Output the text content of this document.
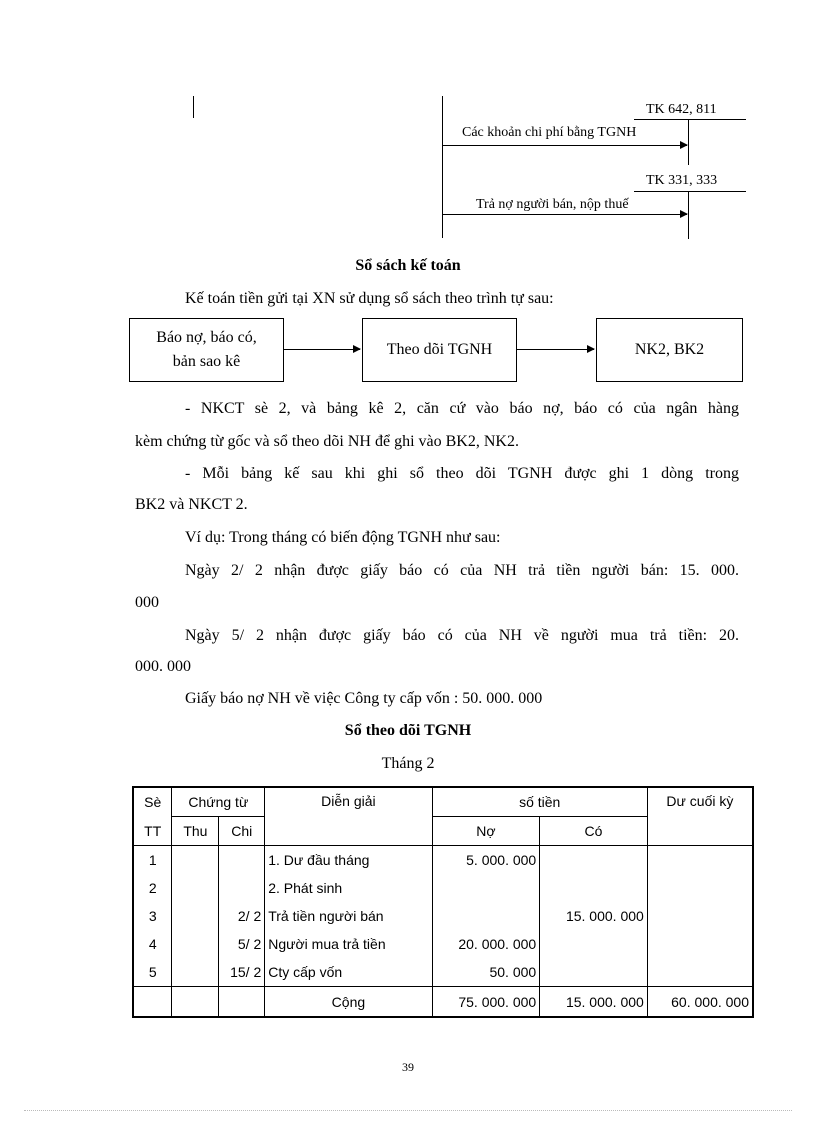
TK 642, 811
Các khoản chi phí bằng TGNH
TK 331, 333
Trả nợ người bán, nộp thuế
Sổ sách kế toán
Kế toán tiền gửi tại XN sử dụng sổ sách theo trình tự sau:
Báo nợ, báo có,
bản sao kê
Theo dõi TGNH	NK2, BK2
- NKCT sè 2, và bảng kê 2, căn cứ vào báo nợ, báo có của ngân hàng
kèm chứng từ gốc và sổ theo dõi NH để ghi vào BK2, NK2.
- Mỗi bảng kế sau khi ghi sổ theo dõi TGNH được ghi 1 dòng trong
BK2 và NKCT 2.
Ví dụ: Trong tháng có biến động TGNH như sau:
Ngày 2/ 2 nhận được giấy báo có của NH trả tiền người bán: 15. 000.
000
Ngày 5/ 2 nhận được giấy báo có của NH về người mua trả tiền: 20.
000. 000
Giấy báo nợ NH về việc Công ty cấp vốn : 50. 000. 000
Sổ theo dõi TGNH
Tháng 2
Sè	Chứng từ		Diễn giải	số tiền		Dư cuối kỳ
TT	Thu	Chi		Nợ	Có	
1			1. Dư đầu tháng	5. 000. 000		
2			2. Phát sinh			
3		2/ 2	Trả tiền người bán		15. 000. 000	
4		5/ 2	Người mua trả tiền	20. 000. 000		
5		15/ 2	Cty cấp vốn	50. 000		
			Cộng	75. 000. 000	15. 000. 000	60. 000. 000
39
